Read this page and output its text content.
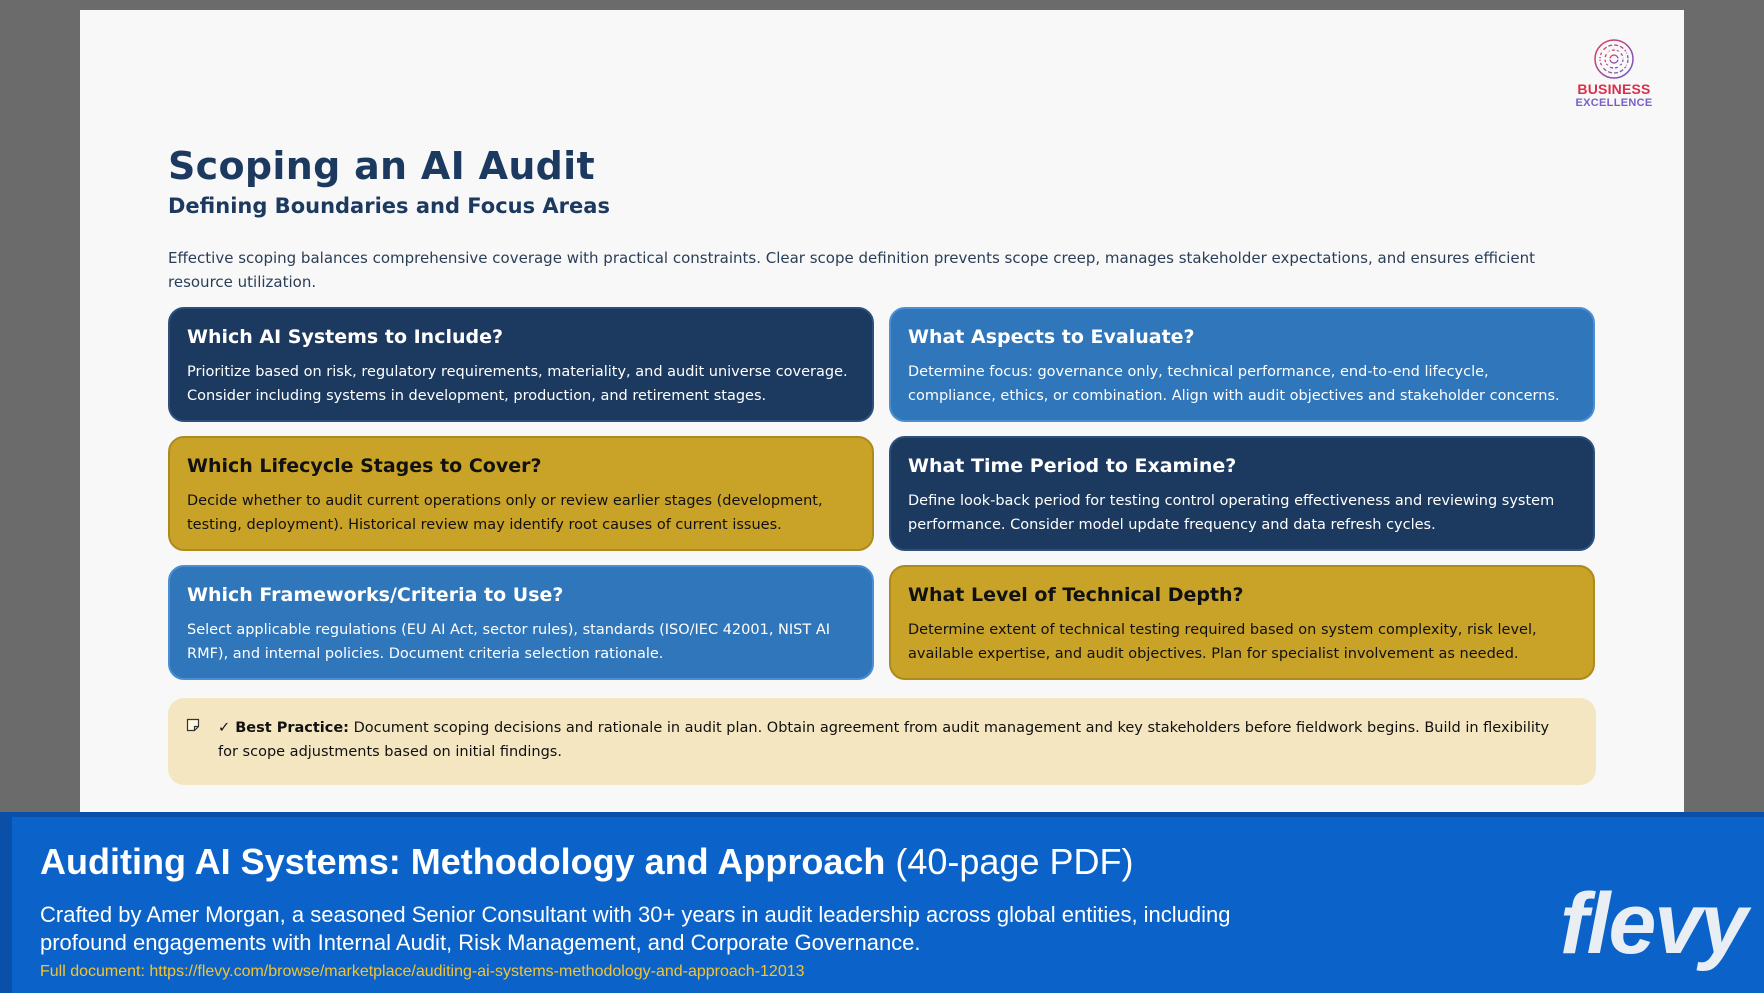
BUSINESS
EXCELLENCE
Scoping an AI Audit
Defining Boundaries and Focus Areas

Effective scoping balances comprehensive coverage with practical constraints. Clear scope definition prevents scope creep, manages stakeholder expectations, and ensures efficient resource utilization.

Which AI Systems to Include?

Prioritize based on risk, regulatory requirements, materiality, and audit universe coverage. Consider including systems in development, production, and retirement stages.

What Aspects to Evaluate?

Determine focus: governance only, technical performance, end-to-end lifecycle, compliance, ethics, or combination. Align with audit objectives and stakeholder concerns.

Which Lifecycle Stages to Cover?

Decide whether to audit current operations only or review earlier stages (development, testing, deployment). Historical review may identify root causes of current issues.

What Time Period to Examine?

Define look-back period for testing control operating effectiveness and reviewing system performance. Consider model update frequency and data refresh cycles.

Which Frameworks/Criteria to Use?

Select applicable regulations (EU AI Act, sector rules), standards (ISO/IEC 42001, NIST AI RMF), and internal policies. Document criteria selection rationale.

What Level of Technical Depth?

Determine extent of technical testing required based on system complexity, risk level, available expertise, and audit objectives. Plan for specialist involvement as needed.

✓ Best Practice: Document scoping decisions and rationale in audit plan. Obtain agreement from audit management and key stakeholders before fieldwork begins. Build in flexibility for scope adjustments based on initial findings.
Auditing AI Systems: Methodology and Approach (40-page PDF)
Crafted by Amer Morgan, a seasoned Senior Consultant with 30+ years in audit leadership across global entities, including profound engagements with Internal Audit, Risk Management, and Corporate Governance.
Full document: https://flevy.com/browse/marketplace/auditing-ai-systems-methodology-and-approach-12013	flevy
